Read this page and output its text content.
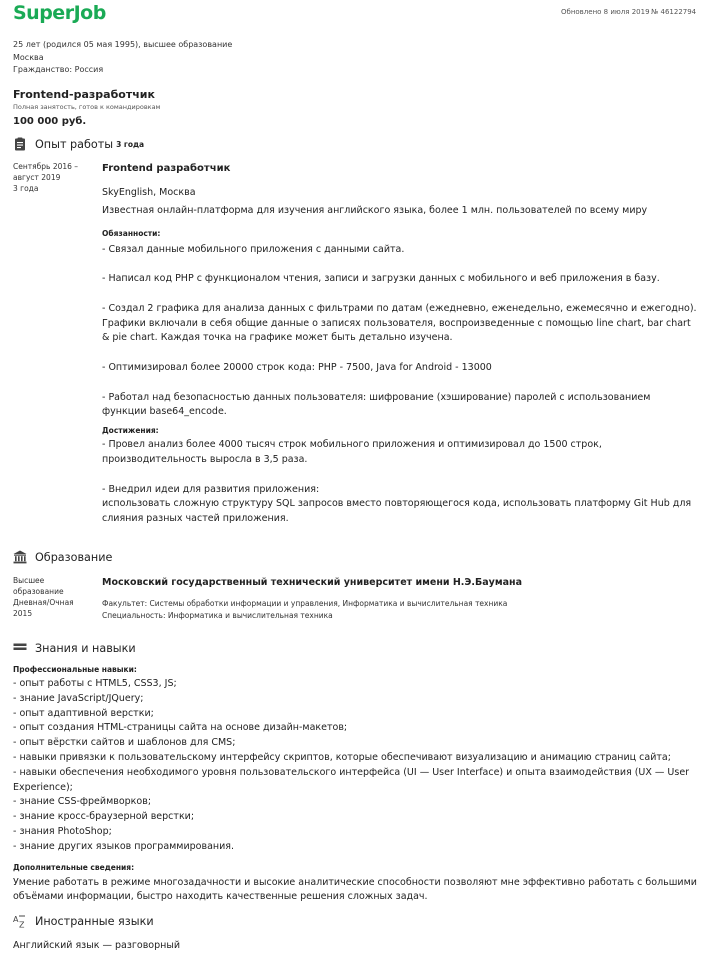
SuperJob	Обновлено 8 июля 2019 № 46122794
25 лет (родился 05 мая 1995), высшее образование
Москва
Гражданство: Россия
Frontend-разработчик
Полная занятость, готов к командировкам
100 000 руб.
Опыт работы 3 года
Сентябрь 2016 – август 2019
3 года
Frontend разработчик
SkyEnglish, Москва
Известная онлайн-платформа для изучения английского языка, более 1 млн. пользователей по всему миру
Обязанности:

- Связал данные мобильного приложения с данными сайта.

- Написал код PHP с функционалом чтения, записи и загрузки данных с мобильного и веб приложения в базу.

- Создал 2 графика для анализа данных с фильтрами по датам (ежедневно, еженедельно, ежемесячно и ежегодно). Графики включали в себя общие данные о записях пользователя, воспроизведенные с помощью line chart, bar chart & pie chart. Каждая точка на графике может быть детально изучена.

- Оптимизировал более 20000 строк кода: PHP - 7500, Java for Android - 13000

- Работал над безопасностью данных пользователя: шифрование (хэширование) паролей с использованием функции base64_encode.

Достижения:

- Провел анализ более 4000 тысяч строк мобильного приложения и оптимизировал до 1500 строк, производительность выросла в 3,5 раза.

- Внедрил идеи для развития приложения:

использовать сложную структуру SQL запросов вместо повторяющегося кода, использовать платформу Git Hub для слияния разных частей приложения.

Образование
Высшее образование
Дневная/Очная
2015
Московский государственный технический университет имени Н.Э.Баумана
Факультет: Системы обработки информации и управления, Информатика и вычислительная техника
Специальность: Информатика и вычислительная техника
Знания и навыки
Профессиональные навыки:
- опыт работы с HTML5, CSS3, JS;
- знание JavaScript/JQuery;
- опыт адаптивной верстки;
- опыт создания HTML-страницы сайта на основе дизайн-макетов;
- опыт вёрстки сайтов и шаблонов для CMS;
- навыки привязки к пользовательскому интерфейсу скриптов, которые обеспечивают визуализацию и анимацию страниц сайта;
- навыки обеспечения необходимого уровня пользовательского интерфейса (UI — User Interface) и опыта взаимодействия (UX — User Experience);
- знание CSS-фреймворков;
- знание кросс-браузерной верстки;
- знания PhotoShop;
- знание других языков программирования.
Дополнительные сведения:
Умение работать в режиме многозадачности и высокие аналитические способности позволяют мне эффективно работать с большими объёмами информации, быстро находить качественные решения сложных задач.
A
Z Иностранные языки
Английский язык — разговорный
